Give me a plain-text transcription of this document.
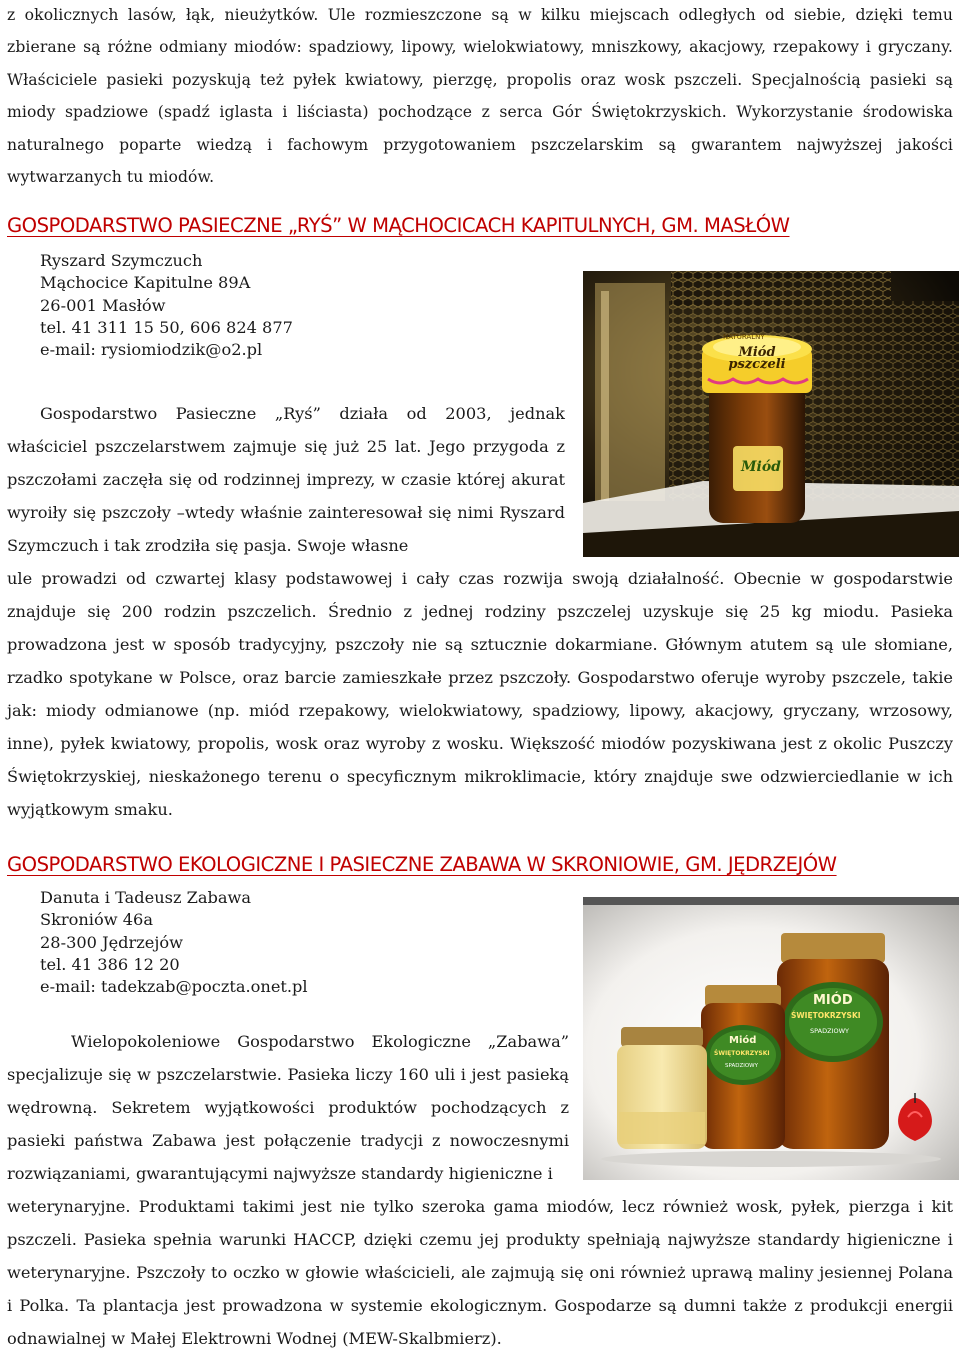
z okolicznych lasów, łąk, nieużytków. Ule rozmieszczone są w kilku miejscach odległych od siebie, dzięki temu zbierane są różne odmiany miodów: spadziowy, lipowy, wielokwiatowy, mniszkowy, akacjowy, rzepakowy i gryczany. Właściciele pasieki pozyskują też pyłek kwiatowy, pierzgę, propolis oraz wosk pszczeli. Specjalnością pasieki są miody spadziowe (spadź iglasta i liściasta) pochodzące z serca Gór Świętokrzyskich. Wykorzystanie środowiska naturalnego poparte wiedzą i fachowym przygotowaniem pszczelarskim są gwarantem najwyższej jakości wytwarzanych tu miodów.

GOSPODARSTWO PASIECZNE „RYŚ” W MĄCHOCICACH KAPITULNYCH, GM. MASŁÓW
Ryszard Szymczuch
Mąchocice Kapitulne 89A
26-001 Masłów
tel. 41 311 15 50, 606 824 877
e-mail: rysiomiodzik@o2.pl
NATURALNY
Miód pszczeli
Miód

Gospodarstwo Pasieczne „Ryś” działa od 2003, jednak właściciel pszczelarstwem zajmuje się już 25 lat. Jego przygoda z pszczołami zaczęła się od rodzinnej imprezy, w czasie której akurat wyroiły się pszczoły –wtedy właśnie zainteresował się nimi Ryszard Szymczuch i tak zrodziła się pasja. Swoje własne

ule prowadzi od czwartej klasy podstawowej i cały czas rozwija swoją działalność. Obecnie w gospodarstwie znajduje się 200 rodzin pszczelich. Średnio z jednej rodziny pszczelej uzyskuje się 25 kg miodu. Pasieka prowadzona jest w sposób tradycyjny, pszczoły nie są sztucznie dokarmiane. Głównym atutem są ule słomiane, rzadko spotykane w Polsce, oraz barcie zamieszkałe przez pszczoły. Gospodarstwo oferuje wyroby pszczele, takie jak: miody odmianowe (np. miód rzepakowy, wielokwiatowy, spadziowy, lipowy, akacjowy, gryczany, wrzosowy, inne), pyłek kwiatowy, propolis, wosk oraz wyroby z wosku. Większość miodów pozyskiwana jest z okolic Puszczy Świętokrzyskiej, nieskażonego terenu o specyficznym mikroklimacie, który znajduje swe odzwierciedlanie w ich wyjątkowym smaku.

GOSPODARSTWO EKOLOGICZNE I PASIECZNE ZABAWA W SKRONIOWIE, GM. JĘDRZEJÓW
Danuta i Tadeusz Zabawa
Skroniów 46a
28-300 Jędrzejów
tel. 41 386 12 20
e-mail: tadekzab@poczta.onet.pl
MIÓD
ŚWIĘTOKRZYSKI
SPADZIOWY
Miód
ŚWIĘTOKRZYSKI
SPADZIOWY

Wielopokoleniowe Gospodarstwo Ekologiczne „Zabawa” specjalizuje się w pszczelarstwie. Pasieka liczy 160 uli i jest pasieką wędrowną. Sekretem wyjątkowości produktów pochodzących z pasieki państwa Zabawa jest połączenie tradycji z nowoczesnymi rozwiązaniami, gwarantującymi najwyższe standardy higieniczne i

weterynaryjne. Produktami takimi jest nie tylko szeroka gama miodów, lecz również wosk, pyłek, pierzga i kit pszczeli. Pasieka spełnia warunki HACCP, dzięki czemu jej produkty spełniają najwyższe standardy higieniczne i weterynaryjne. Pszczoły to oczko w głowie właścicieli, ale zajmują się oni również uprawą maliny jesiennej Polana i Polka. Ta plantacja jest prowadzona w systemie ekologicznym. Gospodarze są dumni także z produkcji energii odnawialnej w Małej Elektrowni Wodnej (MEW-Skalbmierz).
